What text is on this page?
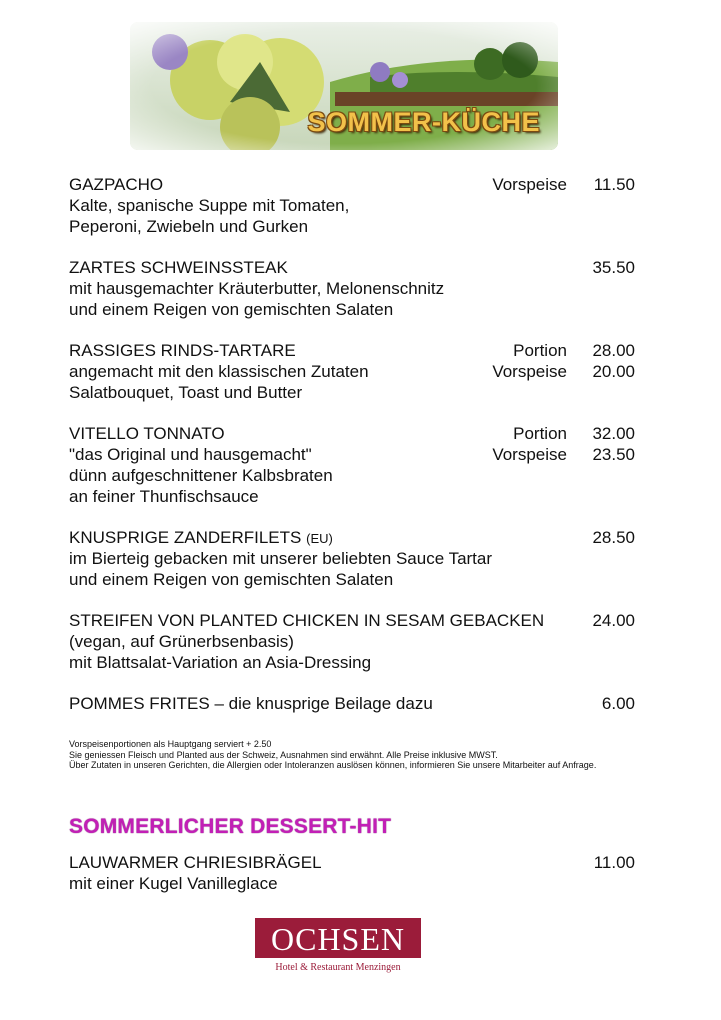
SOMMER-KÜCHE
GAZPACHO	Vorspeise 11.50
Kalte, spanische Suppe mit Tomaten,
Peperoni, Zwiebeln und Gurken
ZARTES SCHWEINSSTEAK	35.50
mit hausgemachter Kräuterbutter, Melonenschnitz
und einem Reigen von gemischten Salaten
RASSIGES RINDS-TARTARE	Portion 28.00
angemacht mit den klassischen Zutaten	Vorspeise 20.00
Salatbouquet, Toast und Butter
VITELLO TONNATO	Portion 32.00
"das Original und hausgemacht"	Vorspeise 23.50
dünn aufgeschnittener Kalbsbraten
an feiner Thunfischsauce
KNUSPRIGE ZANDERFILETS (EU)	28.50
im Bierteig gebacken mit unserer beliebten Sauce Tartar
und einem Reigen von gemischten Salaten
STREIFEN VON PLANTED CHICKEN IN SESAM GEBACKEN	24.00
(vegan, auf Grünerbsenbasis)
mit Blattsalat-Variation an Asia-Dressing
POMMES FRITES – die knusprige Beilage dazu	6.00
Vorspeisenportionen als Hauptgang serviert + 2.50
Sie geniessen Fleisch und Planted aus der Schweiz, Ausnahmen sind erwähnt. Alle Preise inklusive MWST.
Über Zutaten in unseren Gerichten, die Allergien oder Intoleranzen auslösen können, informieren Sie unsere Mitarbeiter auf Anfrage.
SOMMERLICHER DESSERT-HIT
LAUWARMER CHRIESIBRÄGEL	11.00
mit einer Kugel Vanilleglace
OCHSEN
Hotel & Restaurant Menzingen
